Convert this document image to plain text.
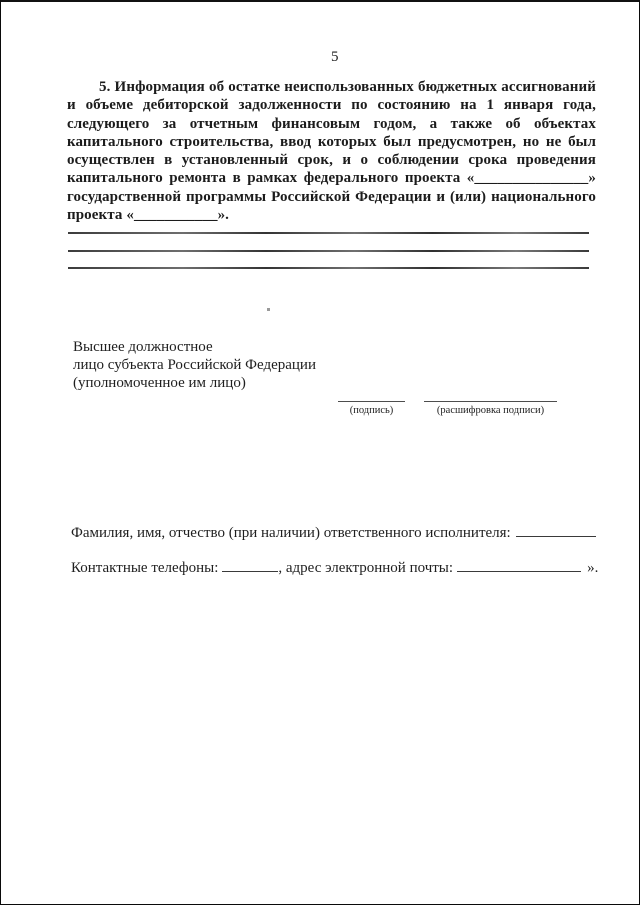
5
5. Информация об остатке неиспользованных бюджетных ассигнований
и объеме дебиторской задолженности по состоянию на 1 января года,
следующего за отчетным финансовым годом, а также об объектах
капитального строительства, ввод которых был предусмотрен, но не был
осуществлен в установленный срок, и о соблюдении срока проведения
капитального ремонта в рамках федерального проекта «_______________»
государственной программы Российской Федерации и (или) национального
проекта «___________».
Высшее должностное
лицо субъекта Российской Федерации
(уполномоченное им лицо)
(подпись)	(расшифровка подписи)
Фамилия, имя, отчество (при наличии) ответственного исполнителя:
Контактные телефоны:	, адрес электронной почты:	».
